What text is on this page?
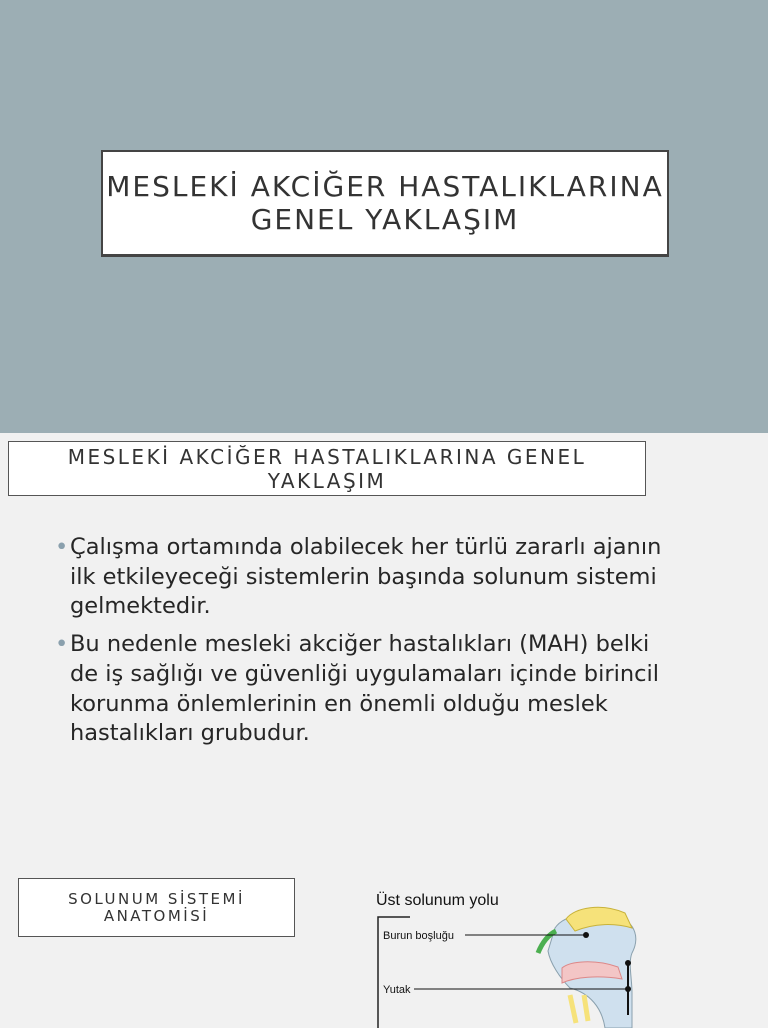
MESLEKİ AKCİĞER HASTALIKLARINA GENEL YAKLAŞIM
MESLEKİ AKCİĞER HASTALIKLARINA GENEL YAKLAŞIM
• Çalışma ortamında olabilecek her türlü zararlı ajanın ilk etkileyeceği sistemlerin başında solunum sistemi gelmektedir.
• Bu nedenle mesleki akciğer hastalıkları (MAH) belki de iş sağlığı ve güvenliği uygulamaları içinde birincil korunma önlemlerinin en önemli olduğu meslek hastalıkları grubudur.
SOLUNUM SİSTEMİ ANATOMİSİ
Üst solunum yolu
Burun boşluğu
Yutak
